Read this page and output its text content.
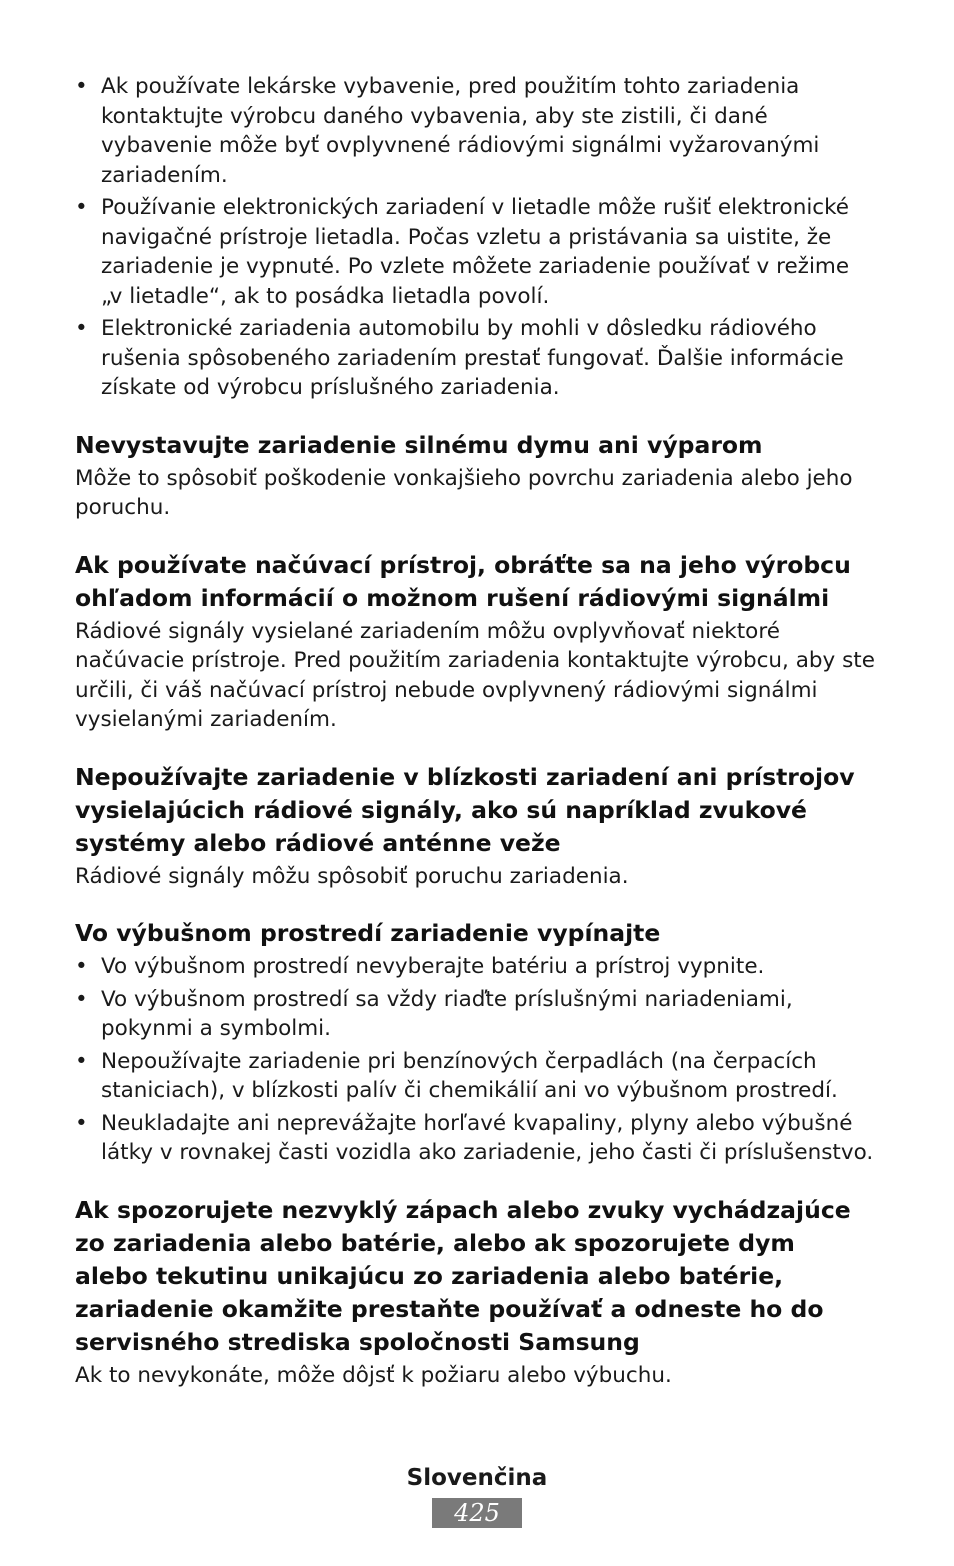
• Ak používate lekárske vybavenie, pred použitím tohto zariadenia kontaktujte výrobcu daného vybavenia, aby ste zistili, či dané vybavenie môže byť ovplyvnené rádiovými signálmi vyžarovanými zariadením.
• Používanie elektronických zariadení v lietadle môže rušiť elektronické navigačné prístroje lietadla. Počas vzletu a pristávania sa uistite, že zariadenie je vypnuté. Po vzlete môžete zariadenie používať v režime „v lietadle“, ak to posádka lietadla povolí.
• Elektronické zariadenia automobilu by mohli v dôsledku rádiového rušenia spôsobeného zariadením prestať fungovať. Ďalšie informácie získate od výrobcu príslušného zariadenia.
Nevystavujte zariadenie silnému dymu ani výparom

Môže to spôsobiť poškodenie vonkajšieho povrchu zariadenia alebo jeho poruchu.

Ak používate načúvací prístroj, obráťte sa na jeho výrobcu ohľadom informácií o možnom rušení rádiovými signálmi

Rádiové signály vysielané zariadením môžu ovplyvňovať niektoré načúvacie prístroje. Pred použitím zariadenia kontaktujte výrobcu, aby ste určili, či váš načúvací prístroj nebude ovplyvnený rádiovými signálmi vysielanými zariadením.

Nepoužívajte zariadenie v blízkosti zariadení ani prístrojov vysielajúcich rádiové signály, ako sú napríklad zvukové systémy alebo rádiové anténne veže

Rádiové signály môžu spôsobiť poruchu zariadenia.

Vo výbušnom prostredí zariadenie vypínajte
• Vo výbušnom prostredí nevyberajte batériu a prístroj vypnite.
• Vo výbušnom prostredí sa vždy riaďte príslušnými nariadeniami, pokynmi a symbolmi.
• Nepoužívajte zariadenie pri benzínových čerpadlách (na čerpacích staniciach), v blízkosti palív či chemikálií ani vo výbušnom prostredí.
• Neukladajte ani neprevážajte horľavé kvapaliny, plyny alebo výbušné látky v rovnakej časti vozidla ako zariadenie, jeho časti či príslušenstvo.
Ak spozorujete nezvyklý zápach alebo zvuky vychádzajúce zo zariadenia alebo batérie, alebo ak spozorujete dym alebo tekutinu unikajúcu zo zariadenia alebo batérie, zariadenie okamžite prestaňte používať a odneste ho do servisného strediska spoločnosti Samsung

Ak to nevykonáte, môže dôjsť k požiaru alebo výbuchu.

Slovenčina
425
